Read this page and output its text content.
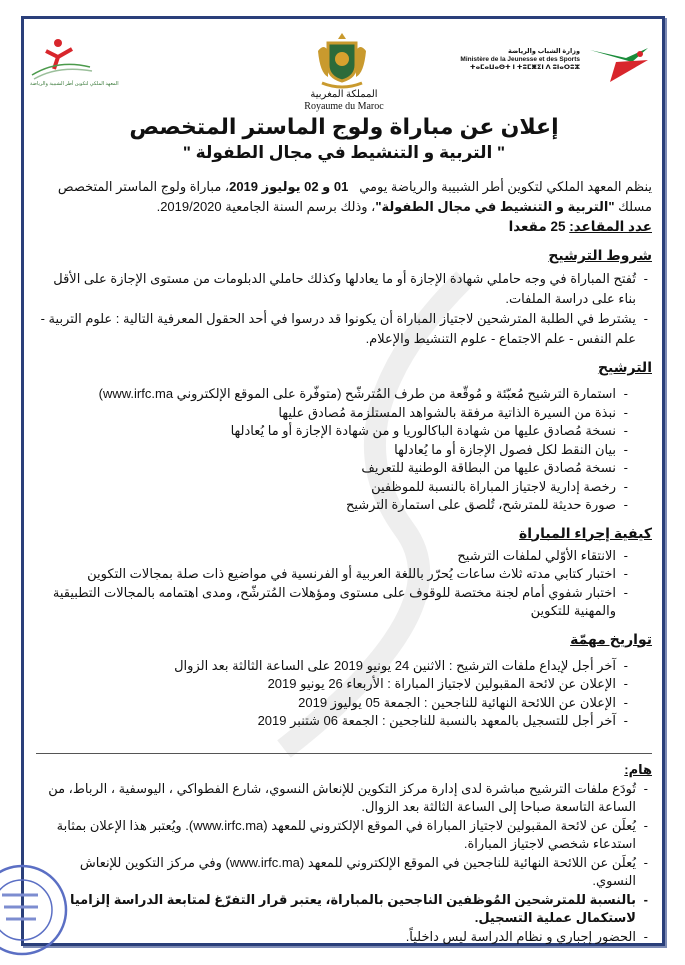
المعهد الملكي لتكوين أطر الشبيبة والرياضة
المملكة المغربية
Royaume du Maroc
وزارة الشباب والرياضة
Ministère de la Jeunesse et des Sports
ⵜⴰⵎⴰⵡⴰⵙⵜ ⵏ ⵜⵓⵎⵥⵉⵏ ⴷ ⵓⵏⴰⵔⵓⵣ
إعلان عن مباراة ولوج الماستر المتخصص
" التربية و التنشيط في مجال الطفولة "

ينظم المعهد الملكي لتكوين أطر الشبيبة والرياضة يومي   01 و 02 يوليوز 2019، مباراة ولوج الماستر المتخصص مسلك "التربية و التنشيط في مجال الطفولة"، وذلك برسم السنة الجامعية 2019/2020.

عدد المقاعد: 25 مقعدا

شروط الترشيح
- تُفتح المباراة في وجه حاملي شهادة الإجازة أو ما يعادلها وكذلك حاملي الدبلومات من مستوى الإجازة على الأقل بناء على دراسة الملفات.
- يشترط في الطلبة المترشحين لاجتياز المباراة أن يكونوا قد درسوا في أحد الحقول المعرفية التالية : علوم التربية - علم النفس - علم الاجتماع - علوم التنشيط والإعلام.
الترشيح
- استمارة الترشيح مُعبّئة و مُوقّعة من طرف المُترشّح (متوفّرة على الموقع الإلكتروني www.irfc.ma)
- نبذة من السيرة الذاتية مرفقة بالشواهد المستلزمة مُصادق عليها
- نسخة مُصادق عليها من شهادة الباكالوريا و من شهادة الإجازة أو ما يُعادلها
- بيان النقط لكل فصول الإجازة أو ما يُعادلها
- نسخة مُصادق عليها من البطاقة الوطنية للتعريف
- رخصة إدارية لاجتياز المباراة بالنسبة للموظفين
- صورة حديثة للمترشح، تُلصق على استمارة الترشيح
كيفية إجراء المباراة
- الانتقاء الأوّلي لملفات الترشيح
- اختبار كتابي مدته ثلاث ساعات يُحرّر باللغة العربية أو الفرنسية في مواضيع ذات صلة بمجالات التكوين
- اختبار شفوي أمام لجنة مختصة للوقوف على مستوى ومؤهلات المُترشّح، ومدى اهتمامه بالمجالات التطبيقية والمهنية للتكوين
تواريخ مهمّة
- آخر أجل لإيداع ملفات الترشيح : الاثنين 24 يونيو 2019 على الساعة الثالثة بعد الزوال
- الإعلان عن لائحة المقبولين لاجتياز المباراة : الأربعاء 26 يونيو 2019
- الإعلان عن اللائحة النهائية للناجحين : الجمعة 05 يوليوز 2019
- آخر أجل للتسجيل بالمعهد بالنسبة للناجحين : الجمعة 06 شتنبر 2019
هام:
- تُودَع ملفات الترشيح مباشرة لدى إدارة مركز التكوين للإنعاش النسوي، شارع الفطواكي ، اليوسفية ، الرباط، من الساعة التاسعة صباحا إلى الساعة الثالثة بعد الزوال.
- يُعلَن عن لائحة المقبولين لاجتياز المباراة في الموقع الإلكتروني للمعهد (www.irfc.ma). ويُعتبر هذا الإعلان بمثابة استدعاء شخصي لاجتياز المباراة.
- يُعلَن عن اللائحة النهائية للناجحين في الموقع الإلكتروني للمعهد (www.irfc.ma) وفي مركز التكوين للإنعاش النسوي.
- بالنسبة للمترشحين المُوظفين الناجحين بالمباراة، يعتبر قرار التفرّغ لمتابعة الدراسة إلزاميا لاستكمال عملية التسجيل.
- الحضور إجباري و نظام الدراسة ليس داخلياً.
